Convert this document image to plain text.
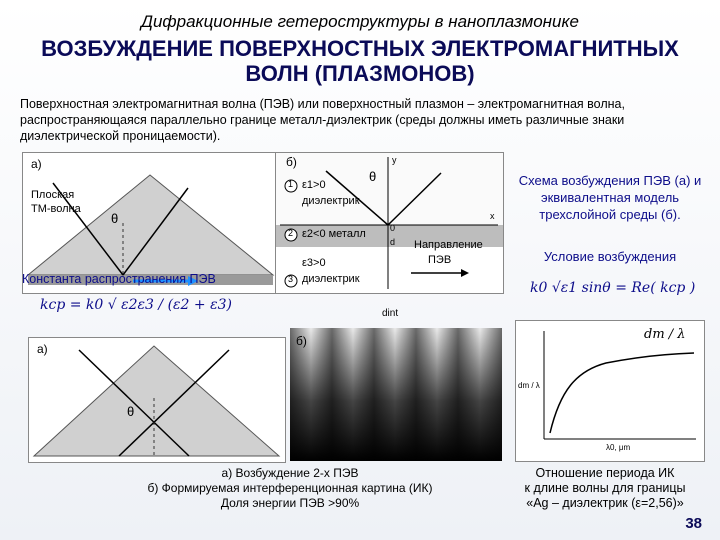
Дифракционные гетероструктуры в наноплазмонике
ВОЗБУЖДЕНИЕ ПОВЕРХНОСТНЫХ ЭЛЕКТРОМАГНИТНЫХ
ВОЛН (ПЛАЗМОНОВ)
Поверхностная электромагнитная волна (ПЭВ) или поверхностный плазмон – электромагнитная волна, распространяющаяся параллельно границе металл-диэлектрик (среды должны иметь различные знаки диэлектрической проницаемости).
а)
Плоская
ТМ-волна
θ
Константа распространения ПЭВ
kсp = k0 √ ε2ε3 / (ε2 + ε3)
б)
θ
1 ε1>0
диэлектрик
2 ε2<0 металл
3
ε3>0
диэлектрик
Направление
ПЭВ
y
x
0
d
Схема возбуждения ПЭВ (а) и эквивалентная модель трехслойной среды (б).
Условие возбуждения
k0 √ε1 sinθ = Re( kсp )
а)
θ
а) Возбуждение 2-х ПЭВ
б) Формируемая интерференционная картина (ИК)
Доля энергии ПЭВ >90%
dint
б)	dm / λ
λ0, μm
dm / λ
Отношение периода ИК
к длине волны для границы
«Ag – диэлектрик (ε=2,56)»
38
